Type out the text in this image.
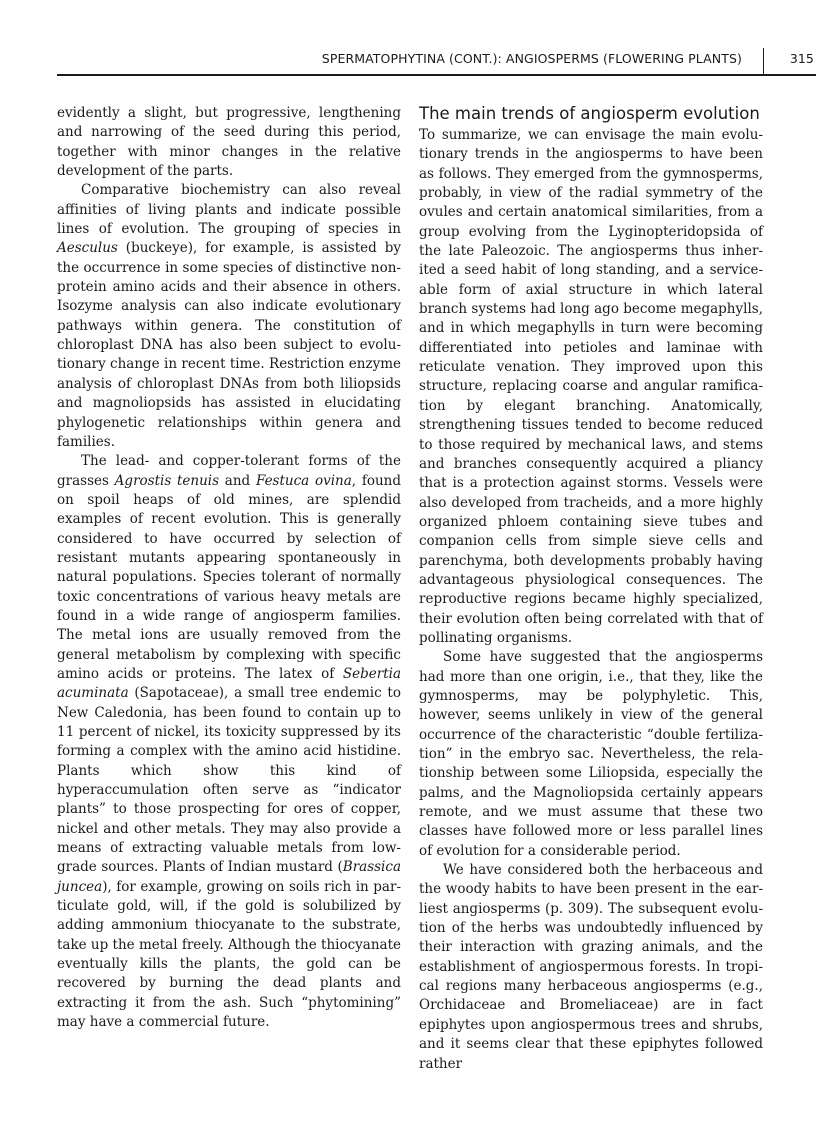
SPERMATOPHYTINA (CONT.): ANGIOSPERMS (FLOWERING PLANTS)	315

evidently a slight, but progressive, lengthening and narrowing of the seed during this period, together with minor changes in the relative development of the parts.

Comparative biochemistry can also reveal affinities of living plants and indicate possible lines of evolution. The grouping of species in Aesculus (buckeye), for example, is assisted by the occurrence in some species of distinctive non-protein amino acids and their absence in others. Isozyme analysis can also indicate evolutionary pathways within genera. The constitution of chloroplast DNA has also been subject to evolutionary change in recent time. Restriction enzyme analysis of chloroplast DNAs from both liliopsids and magnoliopsids has assisted in elucidating phylogenetic relationships within genera and families.

The lead- and copper-tolerant forms of the grasses Agrostis tenuis and Festuca ovina, found on spoil heaps of old mines, are splendid examples of recent evolution. This is generally considered to have occurred by selection of resistant mutants appearing spontaneously in natural populations. Species tolerant of normally toxic concentrations of various heavy metals are found in a wide range of angiosperm families. The metal ions are usually removed from the general metabolism by complexing with specific amino acids or proteins. The latex of Sebertia acuminata (Sapotaceae), a small tree endemic to New Caledonia, has been found to contain up to 11 percent of nickel, its toxicity suppressed by its forming a complex with the amino acid histidine. Plants which show this kind of hyperaccumulation often serve as “indicator plants” to those prospecting for ores of copper, nickel and other metals. They may also provide a means of extracting valuable metals from low-grade sources. Plants of Indian mustard (Brassica juncea), for example, growing on soils rich in particulate gold, will, if the gold is solubilized by adding ammonium thiocyanate to the substrate, take up the metal freely. Although the thiocyanate eventually kills the plants, the gold can be recovered by burning the dead plants and extracting it from the ash. Such “phytomining” may have a commercial future.

The main trends of angiosperm evolution

To summarize, we can envisage the main evolutionary trends in the angiosperms to have been as follows. They emerged from the gymnosperms, probably, in view of the radial symmetry of the ovules and certain anatomical similarities, from a group evolving from the Lyginopteridopsida of the late Paleozoic. The angiosperms thus inherited a seed habit of long standing, and a serviceable form of axial structure in which lateral branch systems had long ago become megaphylls, and in which megaphylls in turn were becoming differentiated into petioles and laminae with reticulate venation. They improved upon this structure, replacing coarse and angular ramification by elegant branching. Anatomically, strengthening tissues tended to become reduced to those required by mechanical laws, and stems and branches consequently acquired a pliancy that is a protection against storms. Vessels were also developed from tracheids, and a more highly organized phloem containing sieve tubes and companion cells from simple sieve cells and parenchyma, both developments probably having advantageous physiological consequences. The reproductive regions became highly specialized, their evolution often being correlated with that of pollinating organisms.

Some have suggested that the angiosperms had more than one origin, i.e., that they, like the gymnosperms, may be polyphyletic. This, however, seems unlikely in view of the general occurrence of the characteristic “double fertilization” in the embryo sac. Nevertheless, the relationship between some Liliopsida, especially the palms, and the Magnoliopsida certainly appears remote, and we must assume that these two classes have followed more or less parallel lines of evolution for a considerable period.

We have considered both the herbaceous and the woody habits to have been present in the earliest angiosperms (p. 309). The subsequent evolution of the herbs was undoubtedly influenced by their interaction with grazing animals, and the establishment of angiospermous forests. In tropical regions many herbaceous angiosperms (e.g., Orchidaceae and Bromeliaceae) are in fact epiphytes upon angiospermous trees and shrubs, and it seems clear that these epiphytes followed rather
